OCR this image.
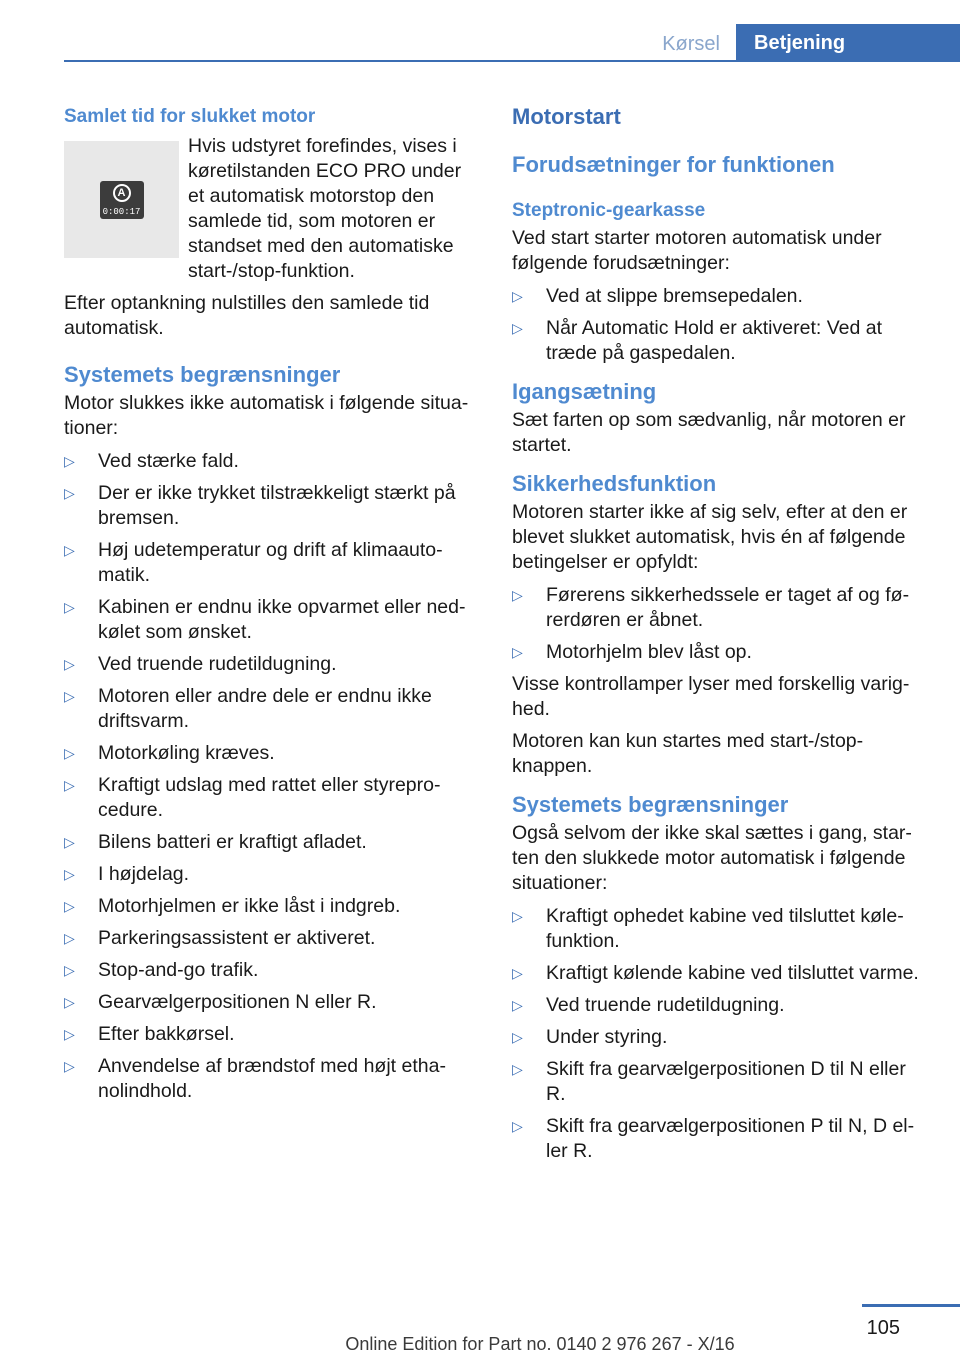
Kørsel	Betjening
Samlet tid for slukket motor
A
0:00:17

Hvis udstyret forefindes, vises i køretilstanden ECO PRO under et automatisk motorstop den samlede tid, som motoren er standset med den automatiske start-/stop-funktion.

Efter optankning nulstilles den samlede tid automatisk.

Systemets begrænsninger

Motor slukkes ikke automatisk i følgende situationer:

▷ Ved stærke fald.
▷ Der er ikke trykket tilstrækkeligt stærkt på bremsen.
▷ Høj udetemperatur og drift af klimaautomatik.
▷ Kabinen er endnu ikke opvarmet eller nedkølet som ønsket.
▷ Ved truende rudetildugning.
▷ Motoren eller andre dele er endnu ikke driftsvarm.
▷ Motorkøling kræves.
▷ Kraftigt udslag med rattet eller styreprocedure.
▷ Bilens batteri er kraftigt afladet.
▷ I højdelag.
▷ Motorhjelmen er ikke låst i indgreb.
▷ Parkeringsassistent er aktiveret.
▷ Stop-and-go trafik.
▷ Gearvælgerpositionen N eller R.
▷ Efter bakkørsel.
▷ Anvendelse af brændstof med højt ethanolindhold.
Motorstart
Forudsætninger for funktionen
Steptronic-gearkasse

Ved start starter motoren automatisk under følgende forudsætninger:

▷ Ved at slippe bremsepedalen.
▷ Når Automatic Hold er aktiveret: Ved at træde på gaspedalen.
Igangsætning

Sæt farten op som sædvanlig, når motoren er startet.

Sikkerhedsfunktion

Motoren starter ikke af sig selv, efter at den er blevet slukket automatisk, hvis én af følgende betingelser er opfyldt:

▷ Førerens sikkerhedssele er taget af og førerdøren er åbnet.
▷ Motorhjelm blev låst op.

Visse kontrollamper lyser med forskellig varighed.

Motoren kan kun startes med start-/stop-knappen.

Systemets begrænsninger

Også selvom der ikke skal sættes i gang, starten den slukkede motor automatisk i følgende situationer:

▷ Kraftigt ophedet kabine ved tilsluttet kølefunktion.
▷ Kraftigt kølende kabine ved tilsluttet varme.
▷ Ved truende rudetildugning.
▷ Under styring.
▷ Skift fra gearvælgerpositionen D til N eller R.
▷ Skift fra gearvælgerpositionen P til N, D eller R.
105
Online Edition for Part no. 0140 2 976 267 - X/16
